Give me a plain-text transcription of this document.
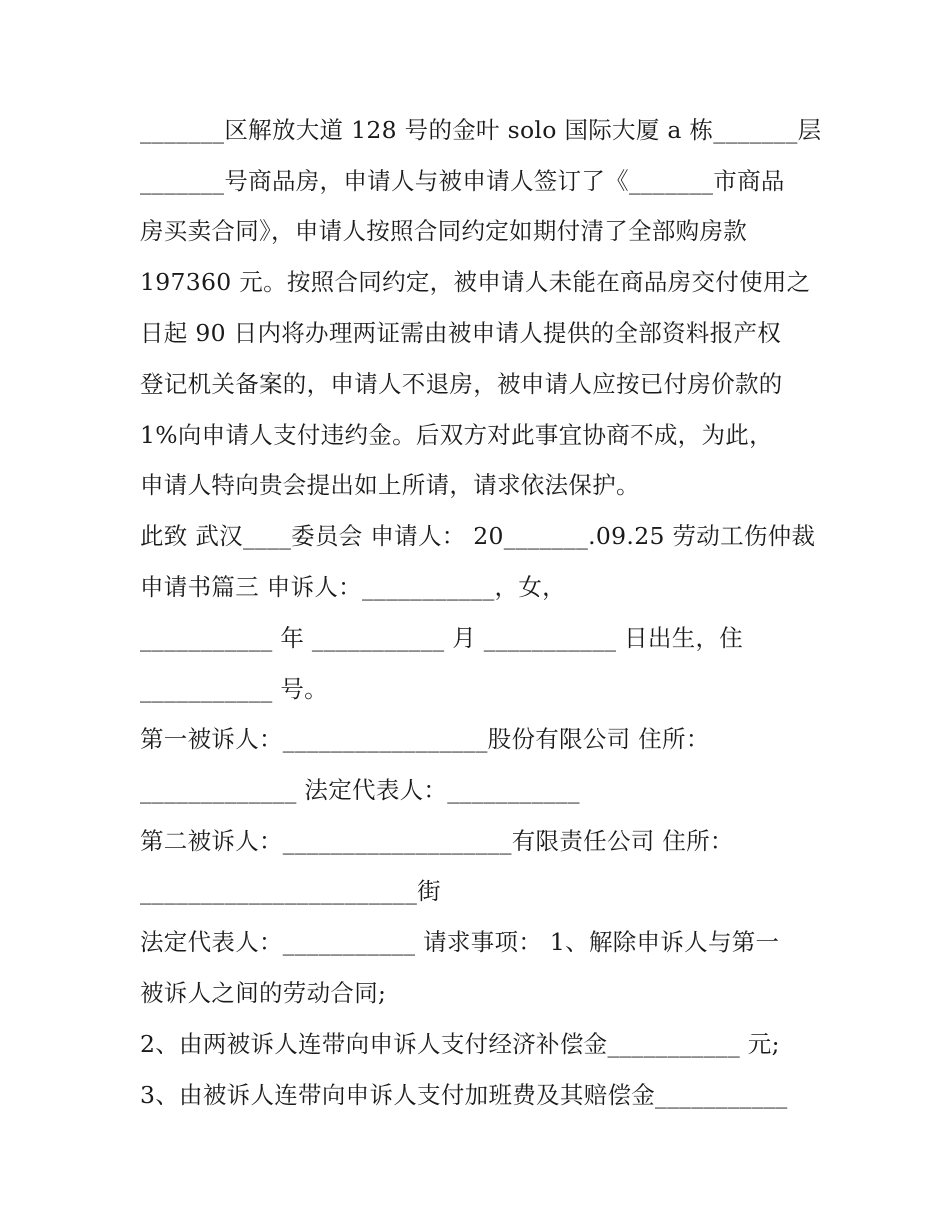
_______区解放大道 128 号的金叶 solo 国际大厦 a 栋_______层
_______号商品房，申请人与被申请人签订了《_______市商品
房买卖合同》，申请人按照合同约定如期付清了全部购房款
197360 元。按照合同约定，被申请人未能在商品房交付使用之
日起 90 日内将办理两证需由被申请人提供的全部资料报产权
登记机关备案的，申请人不退房，被申请人应按已付房价款的
1%向申请人支付违约金。后双方对此事宜协商不成，为此，
申请人特向贵会提出如上所请，请求依法保护。
此致 武汉____委员会 申请人： 20_______.09.25 劳动工伤仲裁
申请书篇三 申诉人：___________，女，
___________ 年 ___________ 月 ___________ 日出生，住
___________ 号。
第一被诉人：_________________股份有限公司 住所：
_____________ 法定代表人：___________
第二被诉人：___________________有限责任公司 住所：
_______________________街
法定代表人：___________ 请求事项： 1、解除申诉人与第一
被诉人之间的劳动合同;
2、由两被诉人连带向申诉人支付经济补偿金___________ 元;
3、由被诉人连带向申诉人支付加班费及其赔偿金___________
